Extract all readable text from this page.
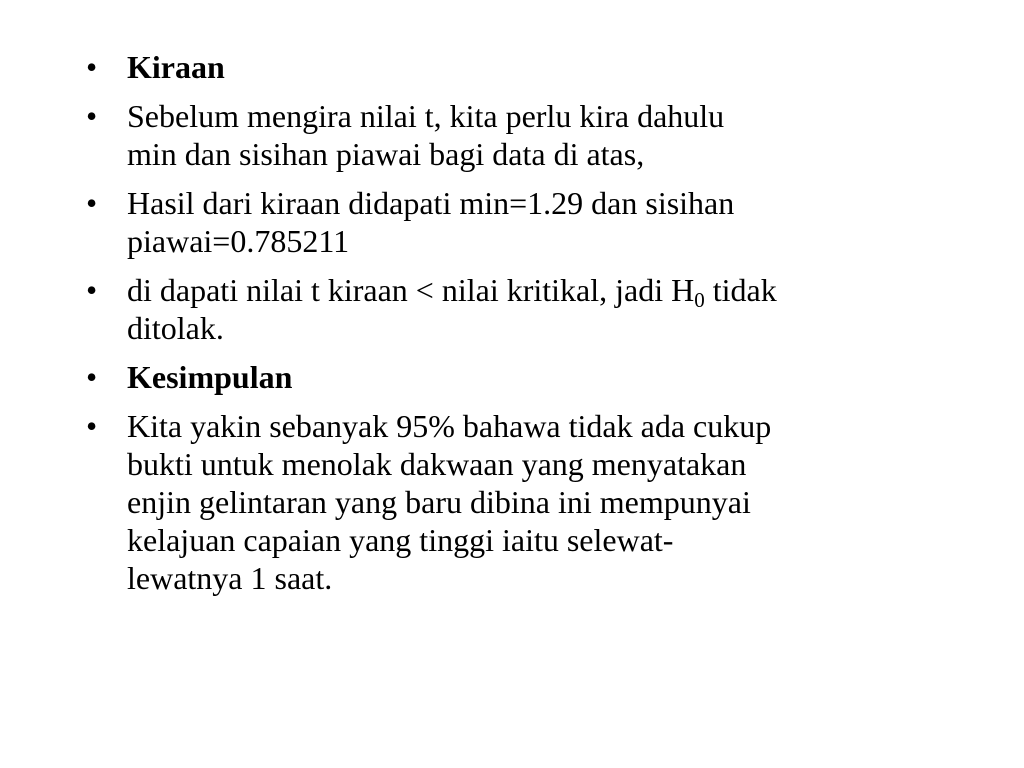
• Kiraan
• Sebelum mengira nilai t, kita perlu kira dahulu
min dan sisihan piawai bagi data di atas,
• Hasil dari kiraan didapati min=1.29 dan sisihan
piawai=0.785211
• di dapati nilai t kiraan < nilai kritikal, jadi $H_0$ tidak
ditolak.
• Kesimpulan
• Kita yakin sebanyak 95% bahawa tidak ada cukup
bukti untuk menolak dakwaan yang menyatakan
enjin gelintaran yang baru dibina ini mempunyai
kelajuan capaian yang tinggi iaitu selewat-
lewatnya 1 saat.
